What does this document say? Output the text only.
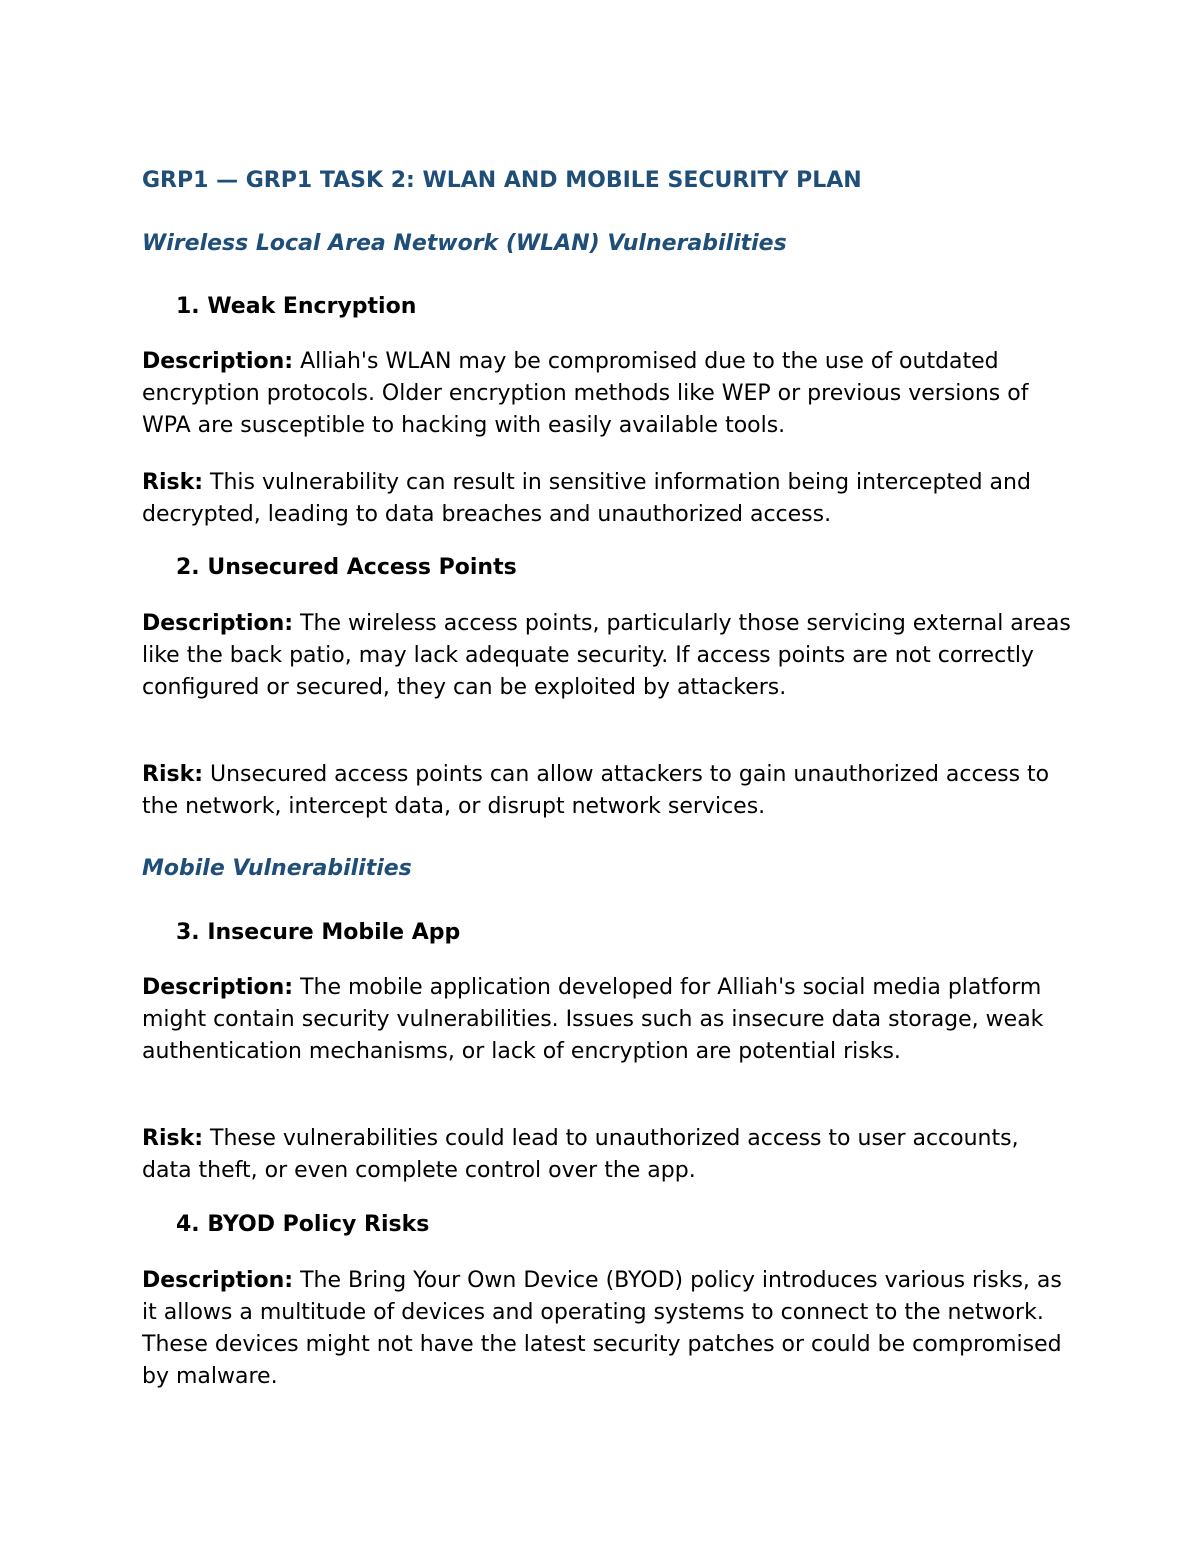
GRP1 — GRP1 TASK 2: WLAN AND MOBILE SECURITY PLAN
Wireless Local Area Network (WLAN) Vulnerabilities
1. Weak Encryption

Description: Alliah's WLAN may be compromised due to the use of outdated encryption protocols. Older encryption methods like WEP or previous versions of WPA are susceptible to hacking with easily available tools.

Risk: This vulnerability can result in sensitive information being intercepted and decrypted, leading to data breaches and unauthorized access.

2. Unsecured Access Points

Description: The wireless access points, particularly those servicing external areas like the back patio, may lack adequate security. If access points are not correctly configured or secured, they can be exploited by attackers.

Risk: Unsecured access points can allow attackers to gain unauthorized access to the network, intercept data, or disrupt network services.

Mobile Vulnerabilities
3. Insecure Mobile App

Description: The mobile application developed for Alliah's social media platform might contain security vulnerabilities. Issues such as insecure data storage, weak authentication mechanisms, or lack of encryption are potential risks.

Risk: These vulnerabilities could lead to unauthorized access to user accounts, data theft, or even complete control over the app.

4. BYOD Policy Risks

Description: The Bring Your Own Device (BYOD) policy introduces various risks, as it allows a multitude of devices and operating systems to connect to the network. These devices might not have the latest security patches or could be compromised by malware.
